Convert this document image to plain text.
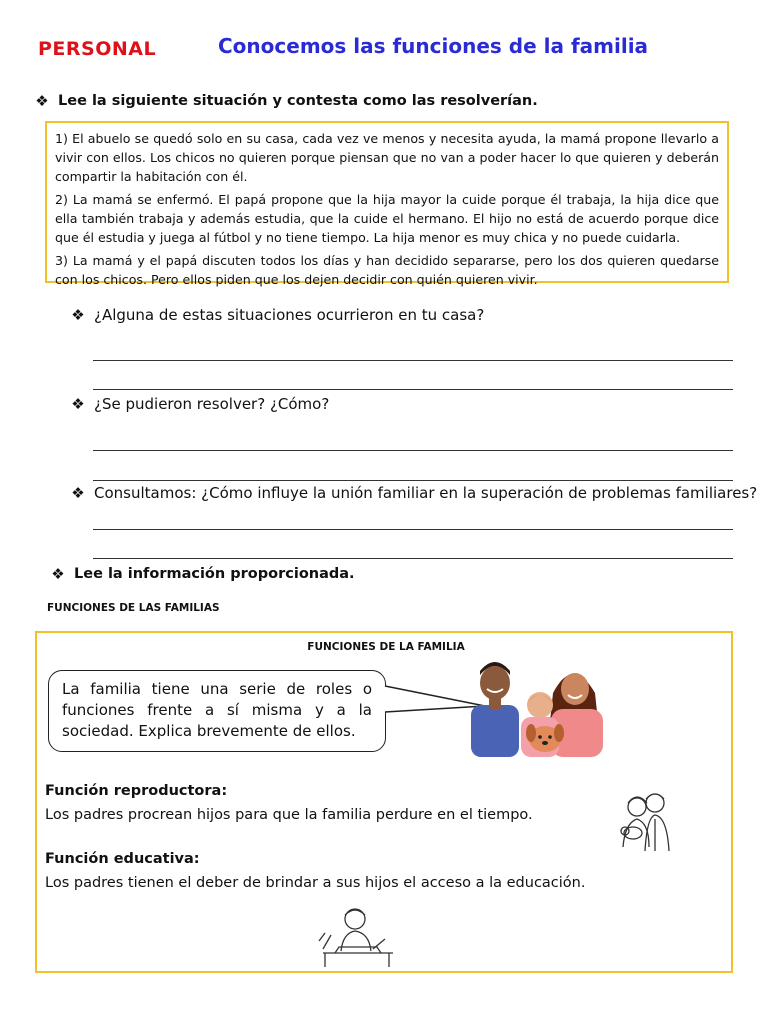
PERSONAL	Conocemos las funciones de la familia
❖ Lee la siguiente situación y contesta como las resolverían.

1) El abuelo se quedó solo en su casa, cada vez ve menos y necesita ayuda, la mamá propone llevarlo a vivir con ellos. Los chicos no quieren porque piensan que no van a poder hacer lo que quieren y deberán compartir la habitación con él.

2) La mamá se enfermó. El papá propone que la hija mayor la cuide porque él trabaja, la hija dice que ella también trabaja y además estudia, que la cuide el hermano. El hijo no está de acuerdo porque dice que él estudia y juega al fútbol y no tiene tiempo. La hija menor es muy chica y no puede cuidarla.

3) La mamá y el papá discuten todos los días y han decidido separarse, pero los dos quieren quedarse con los chicos. Pero ellos piden que los dejen decidir con quién quieren vivir.

❖ ¿Alguna de estas situaciones ocurrieron en tu casa?
❖ ¿Se pudieron resolver? ¿Cómo?
❖ Consultamos: ¿Cómo influye la unión familiar en la superación de problemas familiares?
❖ Lee la información proporcionada.
FUNCIONES DE LAS FAMILIAS
FUNCIONES DE LA FAMILIA
La familia tiene una serie de roles o funciones frente a sí misma y a la sociedad. Explica brevemente de ellos.
Función reproductora:
Los padres procrean hijos para que la familia perdure en el tiempo.
Función educativa:
Los padres tienen el deber de brindar a sus hijos el acceso a la educación.
